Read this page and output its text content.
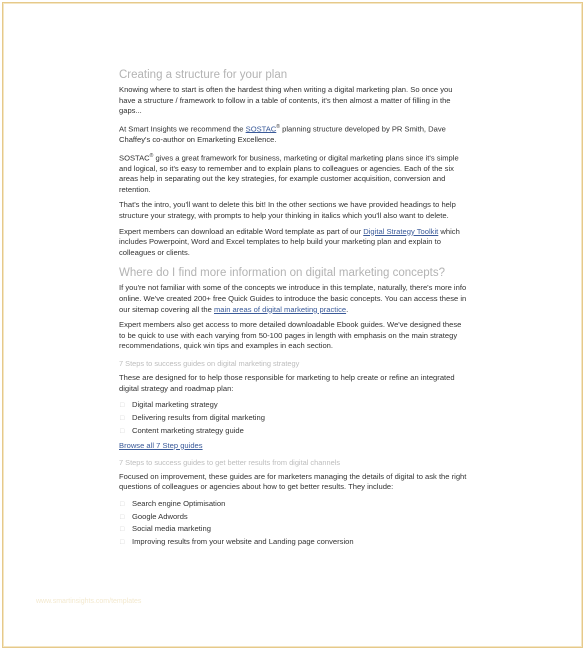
Creating a structure for your plan

Knowing where to start is often the hardest thing when writing a digital marketing plan. So once you have a structure / framework to follow in a table of contents, it's then almost a matter of filling in the gaps...

At Smart Insights we recommend the SOSTAC® planning structure developed by PR Smith, Dave Chaffey's co-author on Emarketing Excellence.

SOSTAC® gives a great framework for business, marketing or digital marketing plans since it's simple and logical, so it's easy to remember and to explain plans to colleagues or agencies. Each of the six areas help in separating out the key strategies, for example customer acquisition, conversion and retention.

That's the intro, you'll want to delete this bit! In the other sections we have provided headings to help structure your strategy, with prompts to help your thinking in italics which you'll also want to delete.

Expert members can download an editable Word template as part of our Digital Strategy Toolkit which includes Powerpoint, Word and Excel templates to help build your marketing plan and explain to colleagues or clients.

Where do I find more information on digital marketing concepts?

If you're not familiar with some of the concepts we introduce in this template, naturally, there's more info online. We've created 200+ free Quick Guides to introduce the basic concepts. You can access these in our sitemap covering all the main areas of digital marketing practice.

Expert members also get access to more detailed downloadable Ebook guides. We've designed these to be quick to use with each varying from 50-100 pages in length with emphasis on the main strategy recommendations, quick win tips and examples in each section.

7 Steps to success guides on digital marketing strategy

These are designed for to help those responsible for marketing to help create or refine an integrated digital strategy and roadmap plan:

□ Digital marketing strategy
□ Delivering results from digital marketing
□ Content marketing strategy guide
Browse all 7 Step guides
7 Steps to success guides to get better results from digital channels

Focused on improvement, these guides are for marketers managing the details of digital to ask the right questions of colleagues or agencies about how to get better results. They include:

□ Search engine Optimisation
□ Google Adwords
□ Social media marketing
□ Improving results from your website and Landing page conversion
www.smartinsights.com/templates
